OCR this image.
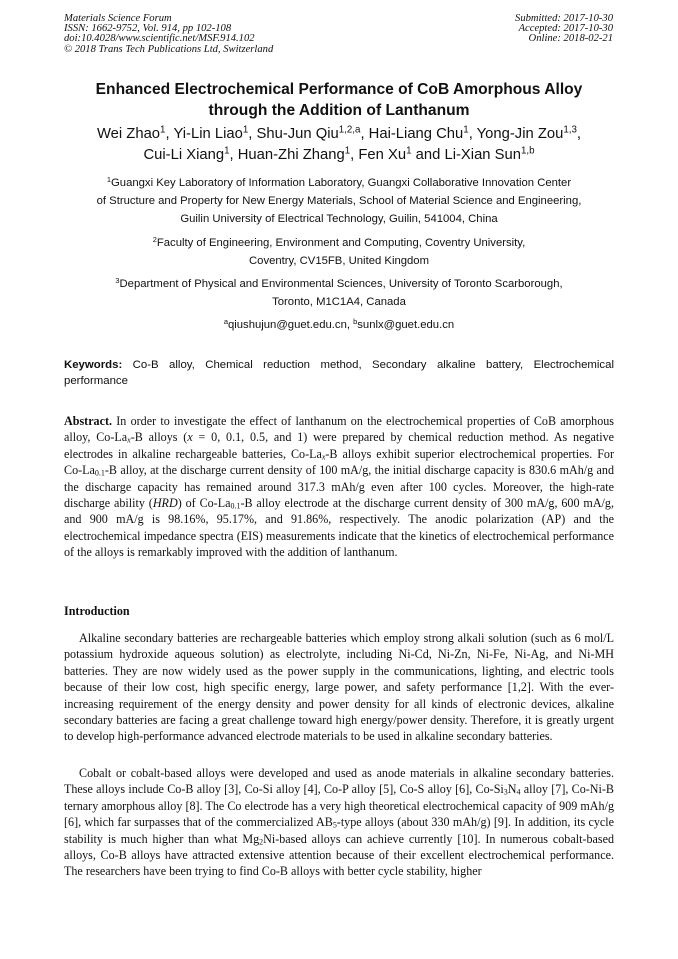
Materials Science Forum
ISSN: 1662-9752, Vol. 914, pp 102-108
doi:10.4028/www.scientific.net/MSF.914.102
© 2018 Trans Tech Publications Ltd, Switzerland
Submitted: 2017-10-30
Accepted: 2017-10-30
Online: 2018-02-21
Enhanced Electrochemical Performance of CoB Amorphous Alloy
through the Addition of Lanthanum
Wei Zhao$^1$, Yi-Lin Liao$^1$, Shu-Jun Qiu$^{1,2,a}$, Hai-Liang Chu$^1$, Yong-Jin Zou$^{1,3}$,
Cui-Li Xiang$^1$, Huan-Zhi Zhang$^1$, Fen Xu$^1$ and Li-Xian Sun$^{1,b}$
$^1$Guangxi Key Laboratory of Information Laboratory, Guangxi Collaborative Innovation Center
of Structure and Property for New Energy Materials, School of Material Science and Engineering,
Guilin University of Electrical Technology, Guilin, 541004, China
$^2$Faculty of Engineering, Environment and Computing, Coventry University,
Coventry, CV15FB, United Kingdom
$^3$Department of Physical and Environmental Sciences, University of Toronto Scarborough,
Toronto, M1C1A4, Canada
$^a$qiushujun@guet.edu.cn, $^b$sunlx@guet.edu.cn
Keywords: Co-B alloy, Chemical reduction method, Secondary alkaline battery, Electrochemical performance

Abstract. In order to investigate the effect of lanthanum on the electrochemical properties of CoB amorphous alloy, $Co-La_x-B$ alloys (x = 0, 0.1, 0.5, and 1) were prepared by chemical reduction method. As negative electrodes in alkaline rechargeable batteries, $Co-La_x-B$ alloys exhibit superior electrochemical properties. For $Co-La_{0.1}-B$ alloy, at the discharge current density of 100 mA/g, the initial discharge capacity is 830.6 mAh/g and the discharge capacity has remained around 317.3 mAh/g even after 100 cycles. Moreover, the high-rate discharge ability (HRD) of $Co-La_{0.1}-B$ alloy electrode at the discharge current density of 300 mA/g, 600 mA/g, and 900 mA/g is 98.16%, 95.17%, and 91.86%, respectively. The anodic polarization (AP) and the electrochemical impedance spectra (EIS) measurements indicate that the kinetics of electrochemical performance of the alloys is remarkably improved with the addition of lanthanum.

Introduction

Alkaline secondary batteries are rechargeable batteries which employ strong alkali solution (such as 6 mol/L potassium hydroxide aqueous solution) as electrolyte, including Ni-Cd, Ni-Zn, Ni-Fe, Ni-Ag, and Ni-MH batteries. They are now widely used as the power supply in the communications, lighting, and electric tools because of their low cost, high specific energy, large power, and safety performance [1,2]. With the ever-increasing requirement of the energy density and power density for all kinds of electronic devices, alkaline secondary batteries are facing a great challenge toward high energy/power density. Therefore, it is greatly urgent to develop high-performance advanced electrode materials to be used in alkaline secondary batteries.

Cobalt or cobalt-based alloys were developed and used as anode materials in alkaline secondary batteries. These alloys include Co-B alloy [3], Co-Si alloy [4], Co-P alloy [5], Co-S alloy [6], $Co-Si_3N_4$ alloy [7], Co-Ni-B ternary amorphous alloy [8]. The Co electrode has a very high theoretical electrochemical capacity of 909 mAh/g [6], which far surpasses that of the commercialized $AB_5$-type alloys (about 330 mAh/g) [9]. In addition, its cycle stability is much higher than what $Mg_2Ni$-based alloys can achieve currently [10]. In numerous cobalt-based alloys, Co-B alloys have attracted extensive attention because of their excellent electrochemical performance. The researchers have been trying to find Co-B alloys with better cycle stability, higher
